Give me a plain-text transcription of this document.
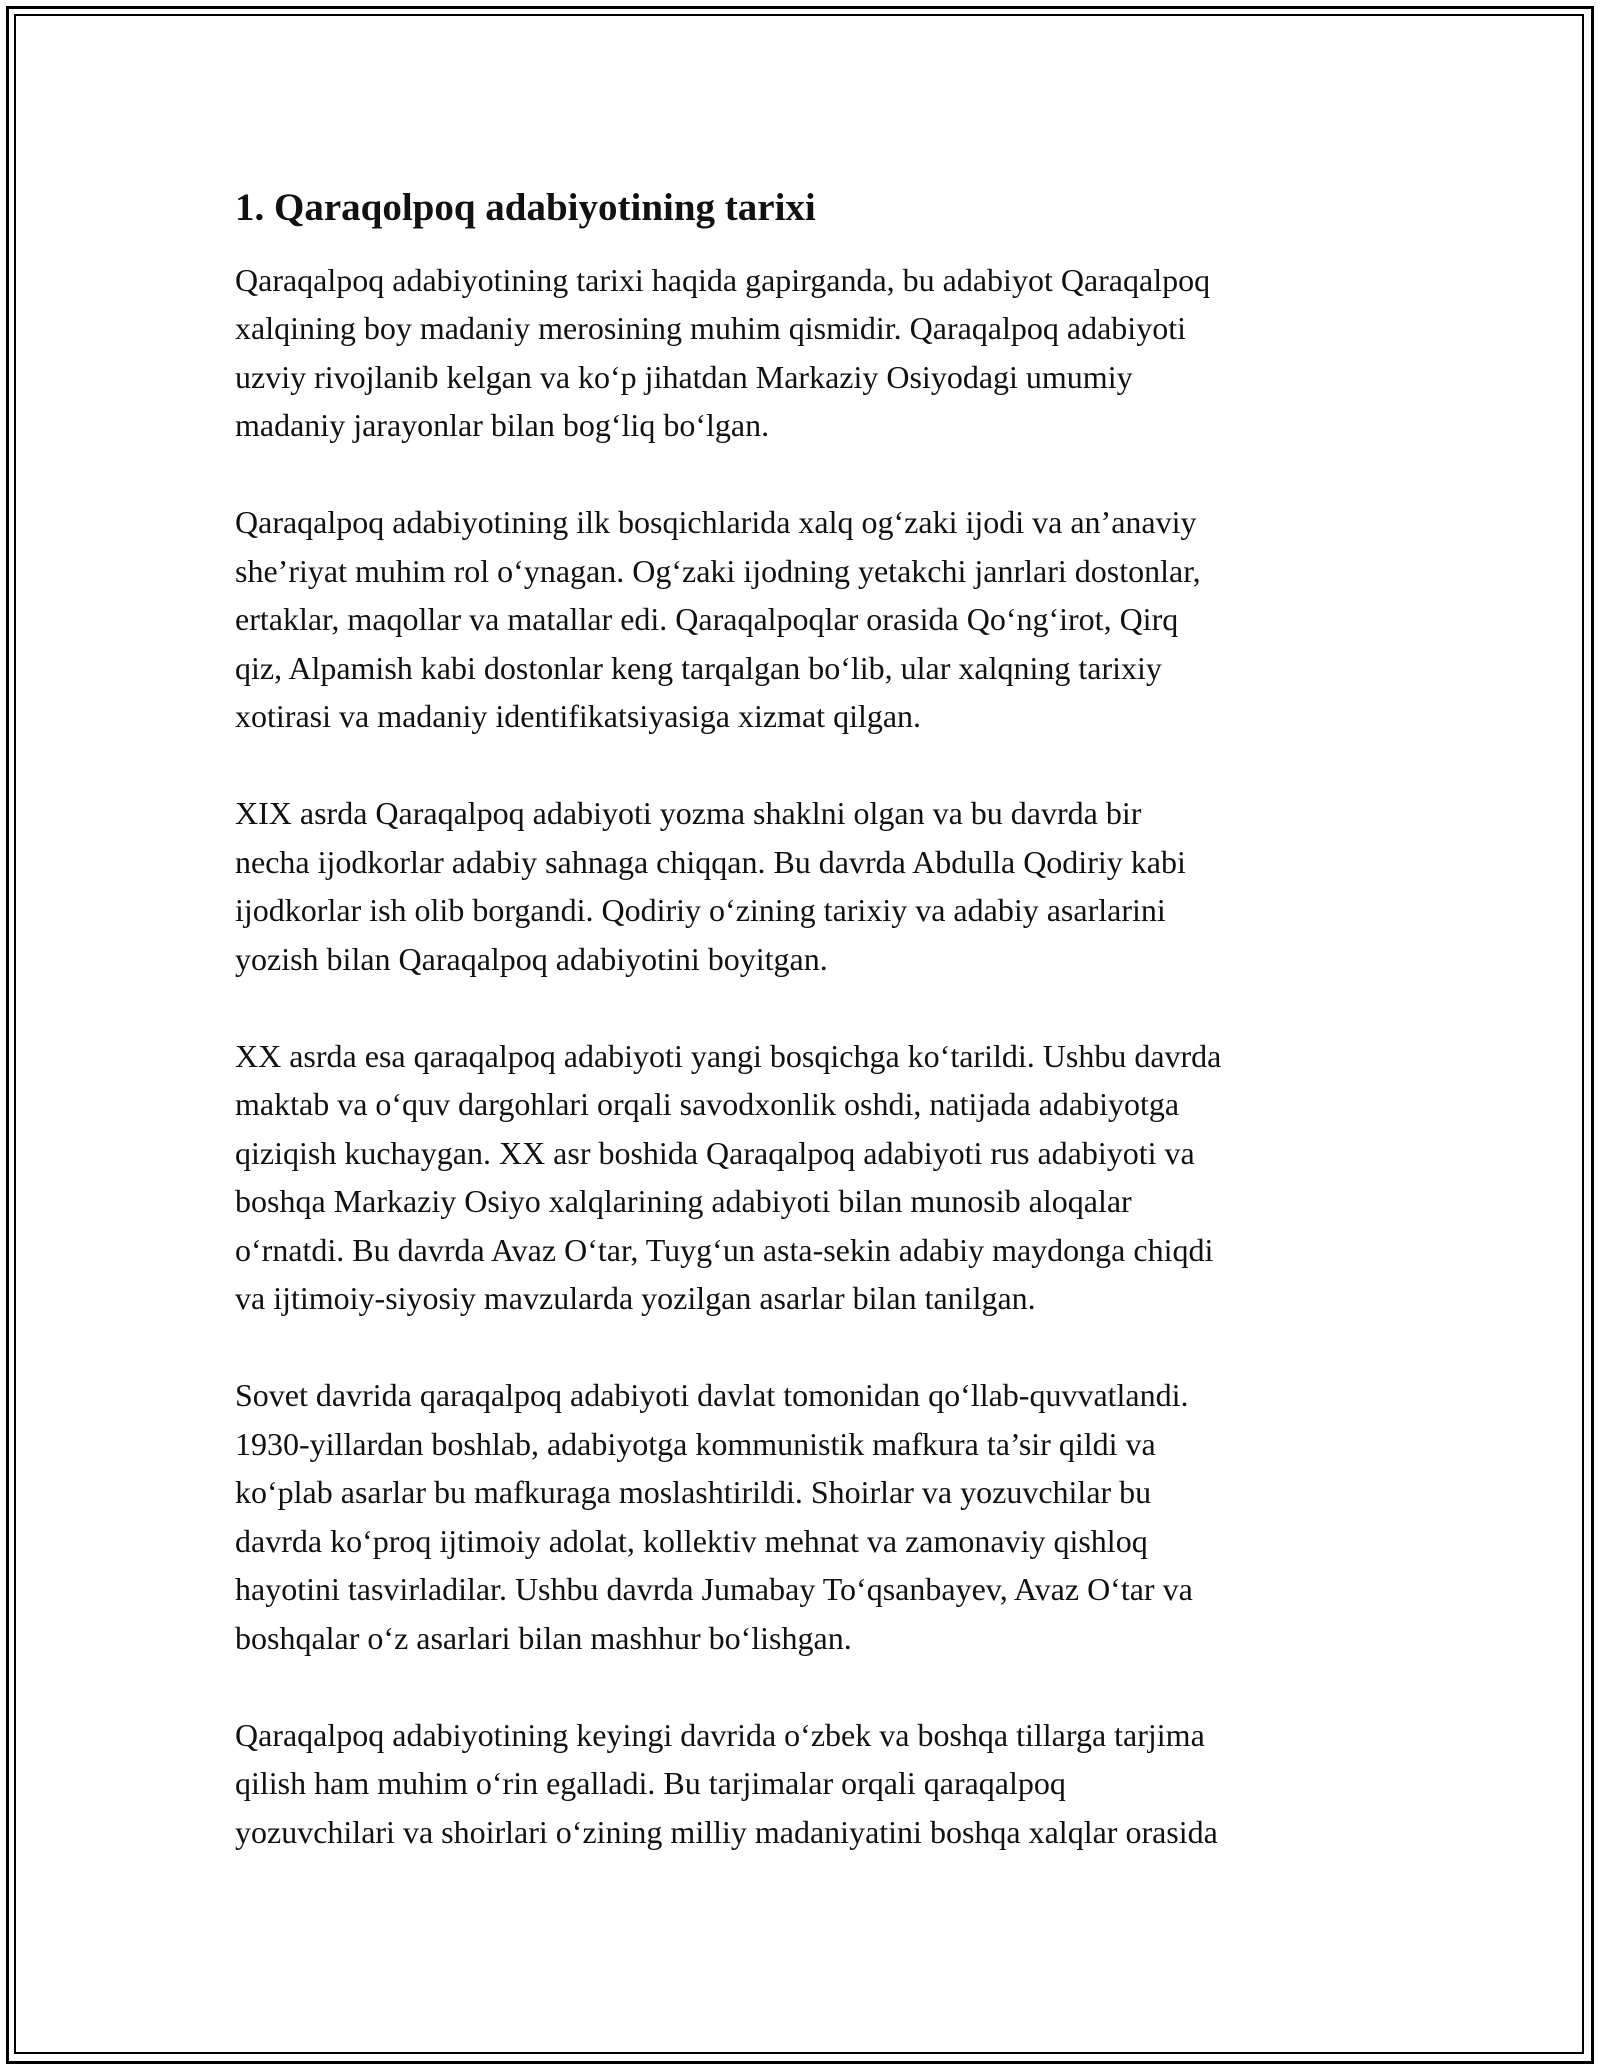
1. Qaraqolpoq adabiyotining tarixi

Qaraqalpoq adabiyotining tarixi haqida gapirganda, bu adabiyot Qaraqalpoq
xalqining boy madaniy merosining muhim qismidir. Qaraqalpoq adabiyoti
uzviy rivojlanib kelgan va koʻp jihatdan Markaziy Osiyodagi umumiy
madaniy jarayonlar bilan bogʻliq boʻlgan.

Qaraqalpoq adabiyotining ilk bosqichlarida xalq ogʻzaki ijodi va an’anaviy
she’riyat muhim rol oʻynagan. Ogʻzaki ijodning yetakchi janrlari dostonlar,
ertaklar, maqollar va matallar edi. Qaraqalpoqlar orasida Qoʻngʻirot, Qirq
qiz, Alpamish kabi dostonlar keng tarqalgan boʻlib, ular xalqning tarixiy
xotirasi va madaniy identifikatsiyasiga xizmat qilgan.

XIX asrda Qaraqalpoq adabiyoti yozma shaklni olgan va bu davrda bir
necha ijodkorlar adabiy sahnaga chiqqan. Bu davrda Abdulla Qodiriy kabi
ijodkorlar ish olib borgandi. Qodiriy oʻzining tarixiy va adabiy asarlarini
yozish bilan Qaraqalpoq adabiyotini boyitgan.

XX asrda esa qaraqalpoq adabiyoti yangi bosqichga koʻtarildi. Ushbu davrda
maktab va oʻquv dargohlari orqali savodxonlik oshdi, natijada adabiyotga
qiziqish kuchaygan. XX asr boshida Qaraqalpoq adabiyoti rus adabiyoti va
boshqa Markaziy Osiyo xalqlarining adabiyoti bilan munosib aloqalar
oʻrnatdi. Bu davrda Avaz Oʻtar, Tuygʻun asta-sekin adabiy maydonga chiqdi
va ijtimoiy-siyosiy mavzularda yozilgan asarlar bilan tanilgan.

Sovet davrida qaraqalpoq adabiyoti davlat tomonidan qoʻllab-quvvatlandi.
1930-yillardan boshlab, adabiyotga kommunistik mafkura ta’sir qildi va
koʻplab asarlar bu mafkuraga moslashtirildi. Shoirlar va yozuvchilar bu
davrda koʻproq ijtimoiy adolat, kollektiv mehnat va zamonaviy qishloq
hayotini tasvirladilar. Ushbu davrda Jumabay Toʻqsanbayev, Avaz Oʻtar va
boshqalar oʻz asarlari bilan mashhur boʻlishgan.

Qaraqalpoq adabiyotining keyingi davrida oʻzbek va boshqa tillarga tarjima
qilish ham muhim oʻrin egalladi. Bu tarjimalar orqali qaraqalpoq
yozuvchilari va shoirlari oʻzining milliy madaniyatini boshqa xalqlar orasida
